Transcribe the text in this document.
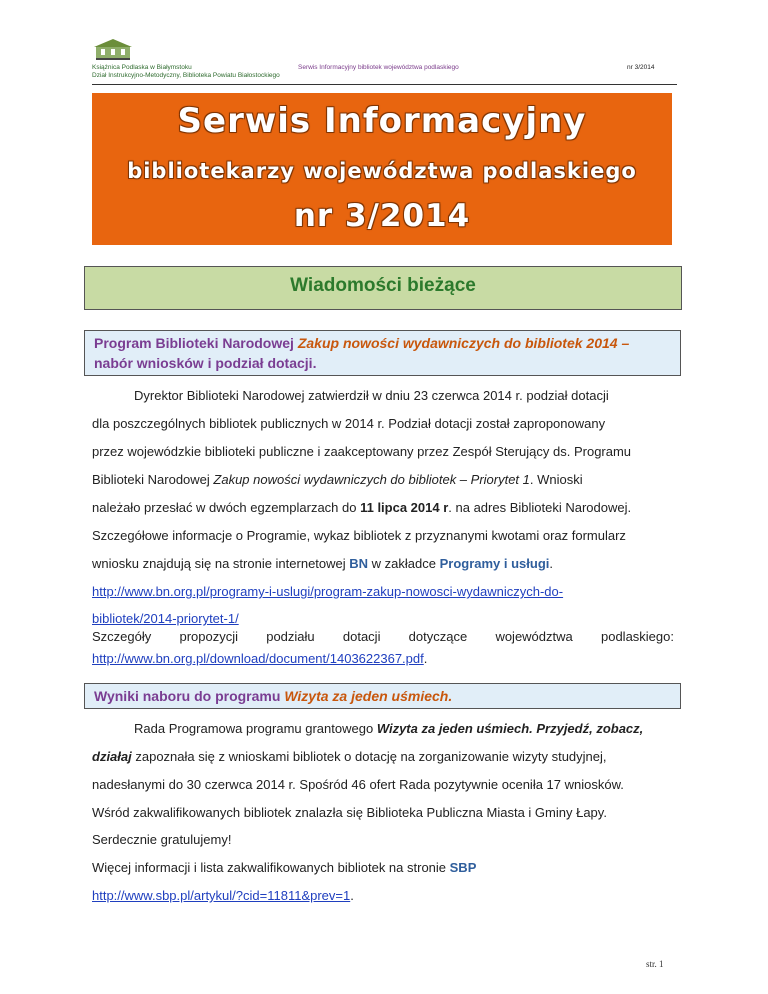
Książnica Podlaska w Białymstoku
Dział Instrukcyjno-Metodyczny, Biblioteka Powiatu Białostockiego
Serwis Informacyjny bibliotek województwa podlaskiego	nr 3/2014
Serwis Informacyjny
bibliotekarzy województwa podlaskiego
nr 3/2014
Wiadomości bieżące
Program Biblioteki Narodowej Zakup nowości wydawniczych do bibliotek 2014 –
nabór wniosków i podział dotacji.
Dyrektor Biblioteki Narodowej zatwierdził w dniu 23 czerwca 2014 r. podział dotacji
dla poszczególnych bibliotek publicznych w 2014 r. Podział dotacji został zaproponowany
przez wojewódzkie biblioteki publiczne i zaakceptowany przez Zespół Sterujący ds. Programu
Biblioteki Narodowej Zakup nowości wydawniczych do bibliotek – Priorytet 1. Wnioski
należało przesłać w dwóch egzemplarzach do 11 lipca 2014 r. na adres Biblioteki Narodowej.
Szczegółowe informacje o Programie, wykaz bibliotek z przyznanymi kwotami oraz formularz
wniosku znajdują się na stronie internetowej BN w zakładce Programy i usługi.
http://www.bn.org.pl/programy-i-uslugi/program-zakup-nowosci-wydawniczych-do-
bibliotek/2014-priorytet-1/
Szczegóły propozycji podziału dotacji dotyczące województwa podlaskiego:
http://www.bn.org.pl/download/document/1403622367.pdf.
Wyniki naboru do programu Wizyta za jeden uśmiech.
Rada Programowa programu grantowego Wizyta za jeden uśmiech. Przyjedź, zobacz,
działaj zapoznała się z wnioskami bibliotek o dotację na zorganizowanie wizyty studyjnej,
nadesłanymi do 30 czerwca 2014 r. Spośród 46 ofert Rada pozytywnie oceniła 17 wniosków.
Wśród zakwalifikowanych bibliotek znalazła się Biblioteka Publiczna Miasta i Gminy Łapy.
Serdecznie gratulujemy!
Więcej informacji i lista zakwalifikowanych bibliotek na stronie SBP
http://www.sbp.pl/artykul/?cid=11811&prev=1.
str. 1
